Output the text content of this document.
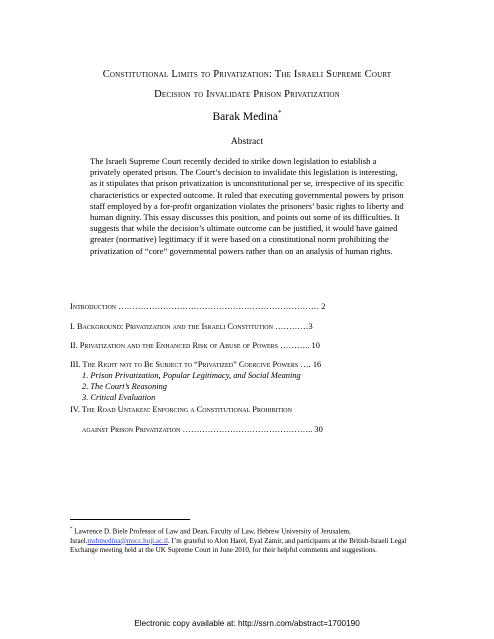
Constitutional Limits to Privatization: The Israeli Supreme Court
Decision to Invalidate Prison Privatization
Barak Medina*
Abstract
The Israeli Supreme Court recently decided to strike down legislation to establish a privately operated prison. The Court’s decision to invalidate this legislation is interesting, as it stipulates that prison privatization is unconstitutional per se, irrespective of its specific characteristics or expected outcome. It ruled that executing governmental powers by prison staff employed by a for-profit organization violates the prisoners’ basic rights to liberty and human dignity. This essay discusses this position, and points out some of its difficulties. It suggests that while the decision’s ultimate outcome can be justified, it would have gained greater (normative) legitimacy if it were based on a constitutional norm prohibiting the privatization of “core” governmental powers rather than on an analysis of human rights.
Introduction ……………………………………………………………… 2
I. Background: Privatization and the Israeli Constitution …………3
II. Privatization and the Enhanced Risk of Abuse of Powers ……….. 10
III. The Right not to Be Subject to “Privatized” Coercive Powers …. 16
1. Prison Privatization, Popular Legitimacy, and Social Meaning
2. The Court’s Reasoning
3. Critical Evaluation
IV. The Road Untaken: Enforcing a Constitutional Prohibition
against Prison Privatization ……………………………………….. 30
* Lawrence D. Biele Professor of Law and Dean, Faculty of Law, Hebrew University of Jerusalem, Israel.msbmedina@mscc.huji.ac.il. I’m grateful to Alon Harel, Eyal Zamir, and participants at the British-Israeli Legal Exchange meeting held at the UK Supreme Court in June 2010, for their helpful comments and suggestions.
Electronic copy available at: http://ssrn.com/abstract=1700190
